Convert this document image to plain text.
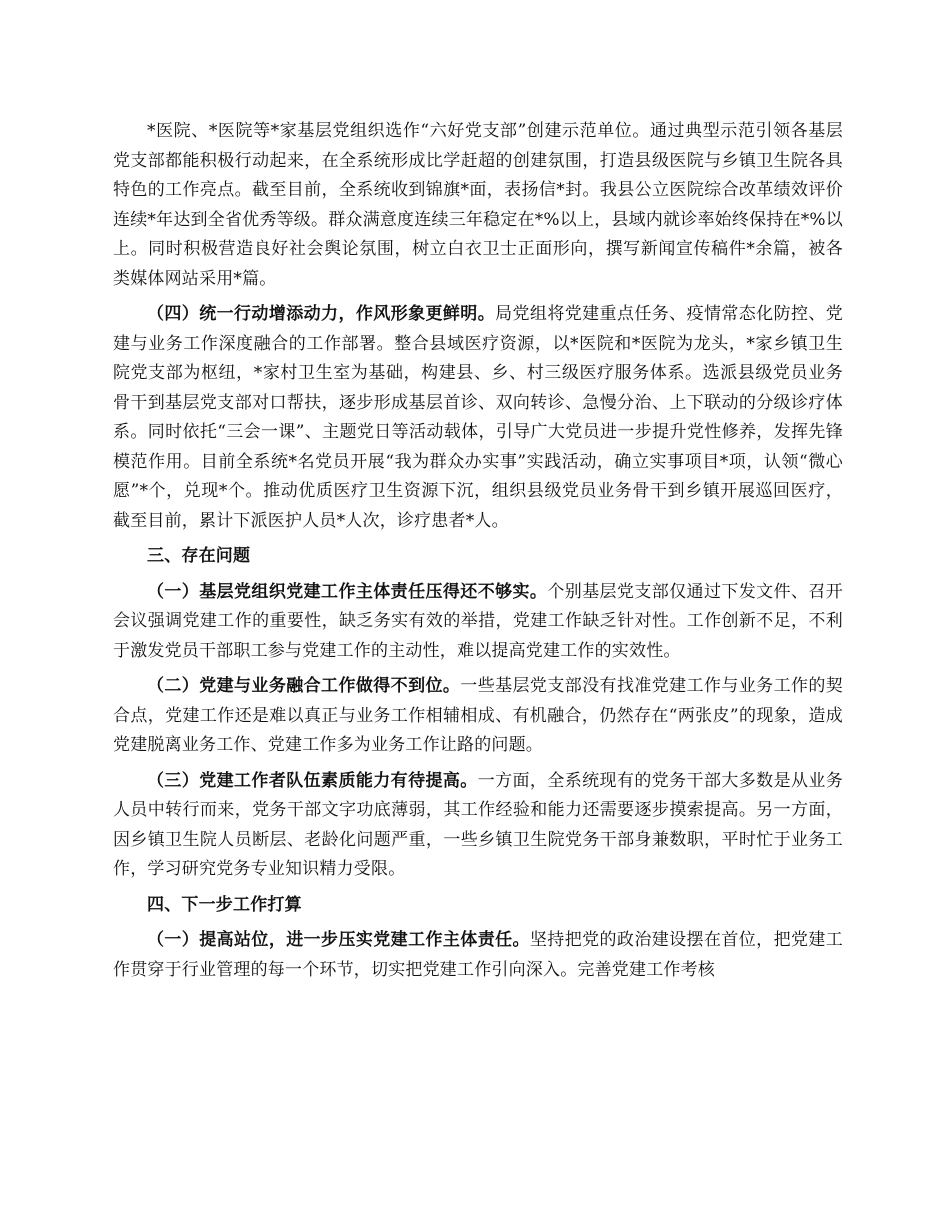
*医院、*医院等*家基层党组织选作“六好党支部”创建示范单位。通过典型示范引领各基层党支部都能积极行动起来，在全系统形成比学赶超的创建氛围，打造县级医院与乡镇卫生院各具特色的工作亮点。截至目前，全系统收到锦旗*面，表扬信*封。我县公立医院综合改革绩效评价连续*年达到全省优秀等级。群众满意度连续三年稳定在*%以上，县域内就诊率始终保持在*%以上。同时积极营造良好社会舆论氛围，树立白衣卫士正面形向，撰写新闻宣传稿件*余篇，被各类媒体网站采用*篇。

（四）统一行动增添动力，作风形象更鲜明。局党组将党建重点任务、疫情常态化防控、党建与业务工作深度融合的工作部署。整合县域医疗资源，以*医院和*医院为龙头，*家乡镇卫生院党支部为枢纽，*家村卫生室为基础，构建县、乡、村三级医疗服务体系。选派县级党员业务骨干到基层党支部对口帮扶，逐步形成基层首诊、双向转诊、急慢分治、上下联动的分级诊疗体系。同时依托“三会一课”、主题党日等活动载体，引导广大党员进一步提升党性修养，发挥先锋模范作用。目前全系统*名党员开展“我为群众办实事”实践活动，确立实事项目*项，认领“微心愿”*个，兑现*个。推动优质医疗卫生资源下沉，组织县级党员业务骨干到乡镇开展巡回医疗，截至目前，累计下派医护人员*人次，诊疗患者*人。

三、存在问题

（一）基层党组织党建工作主体责任压得还不够实。个别基层党支部仅通过下发文件、召开会议强调党建工作的重要性，缺乏务实有效的举措，党建工作缺乏针对性。工作创新不足，不利于激发党员干部职工参与党建工作的主动性，难以提高党建工作的实效性。

（二）党建与业务融合工作做得不到位。一些基层党支部没有找准党建工作与业务工作的契合点，党建工作还是难以真正与业务工作相辅相成、有机融合，仍然存在“两张皮”的现象，造成党建脱离业务工作、党建工作多为业务工作让路的问题。

（三）党建工作者队伍素质能力有待提高。一方面，全系统现有的党务干部大多数是从业务人员中转行而来，党务干部文字功底薄弱，其工作经验和能力还需要逐步摸索提高。另一方面，因乡镇卫生院人员断层、老龄化问题严重，一些乡镇卫生院党务干部身兼数职，平时忙于业务工作，学习研究党务专业知识精力受限。

四、下一步工作打算

（一）提高站位，进一步压实党建工作主体责任。坚持把党的政治建设摆在首位，把党建工作贯穿于行业管理的每一个环节，切实把党建工作引向深入。完善党建工作考核
